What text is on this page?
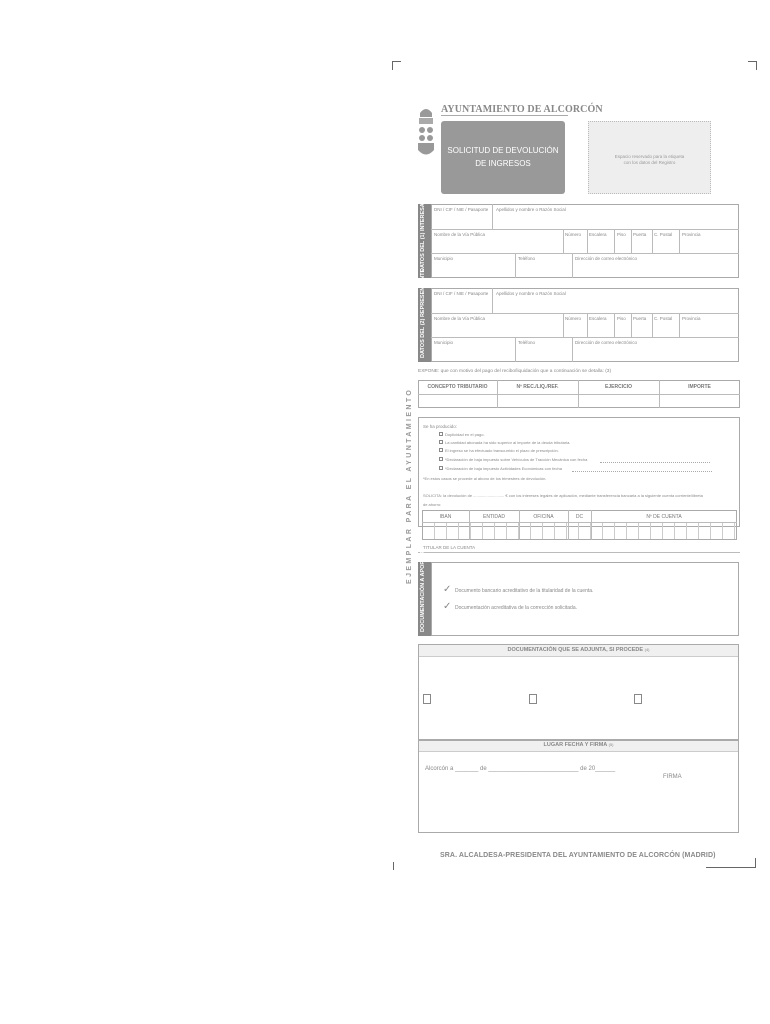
AYUNTAMIENTO DE ALCORCÓN
SOLICITUD DE DEVOLUCIÓN
DE INGRESOS
Espacio reservado para la etiqueta
con los datos del Registro
EJEMPLAR PARA EL AYUNTAMIENTO
DATOS DEL (1) INTERESADO DNI / CIF / NIE / Pasaporte Apellidos y nombre o Razón Social
Nombre de la Vía Pública	Número Escalera Piso Puerta C. Postal Provincia
Municipio	Teléfono	Dirección de correo electrónico
DATOS DEL (2) REPRESENTANTE DNI / CIF / NIE / Pasaporte Apellidos y nombre o Razón Social
Nombre de la Vía Pública	Número Escalera Piso Puerta C. Postal Provincia
Municipio	Teléfono	Dirección de correo electrónico
EXPONE: que con motivo del pago del recibo/liquidación que a continuación se detalla: (3)
CONCEPTO TRIBUTARIO	Nº REC./LIQ./REF.	EJERCICIO	IMPORTE
Se ha producido:
Duplicidad en el pago.
La cantidad abonada ha sido superior al importe de la deuda tributaria.
El ingreso se ha efectuado transcurrido el plazo de prescripción.
*Declaración de baja impuesto sobre Vehículos de Tracción Mecánica con fecha
*Declaración de baja impuesto Actividades Económicas con fecha
*En estos casos se procede al abono de los trimestres de devolución.
SOLICITA: la devolución de ............................ € con los intereses legales de aplicación, mediante transferencia bancaria a la siguiente cuenta corriente/libreta
de ahorro:
IBAN	ENTIDAD	OFICINA	DC	Nº DE CUENTA
TITULAR DE LA CUENTA
DOCUMENTACIÓN A APORTAR ✓ Documento bancario acreditativo de la titularidad de la cuenta.
✓ Documentación acreditativa de la corrección solicitada.
DOCUMENTACIÓN QUE SE ADJUNTA, SI PROCEDE (4)
LUGAR FECHA Y FIRMA (5)
Alcorcón a _______ de ___________________________ de 20______
FIRMA
SRA. ALCALDESA-PRESIDENTA DEL AYUNTAMIENTO DE ALCORCÓN (MADRID)
